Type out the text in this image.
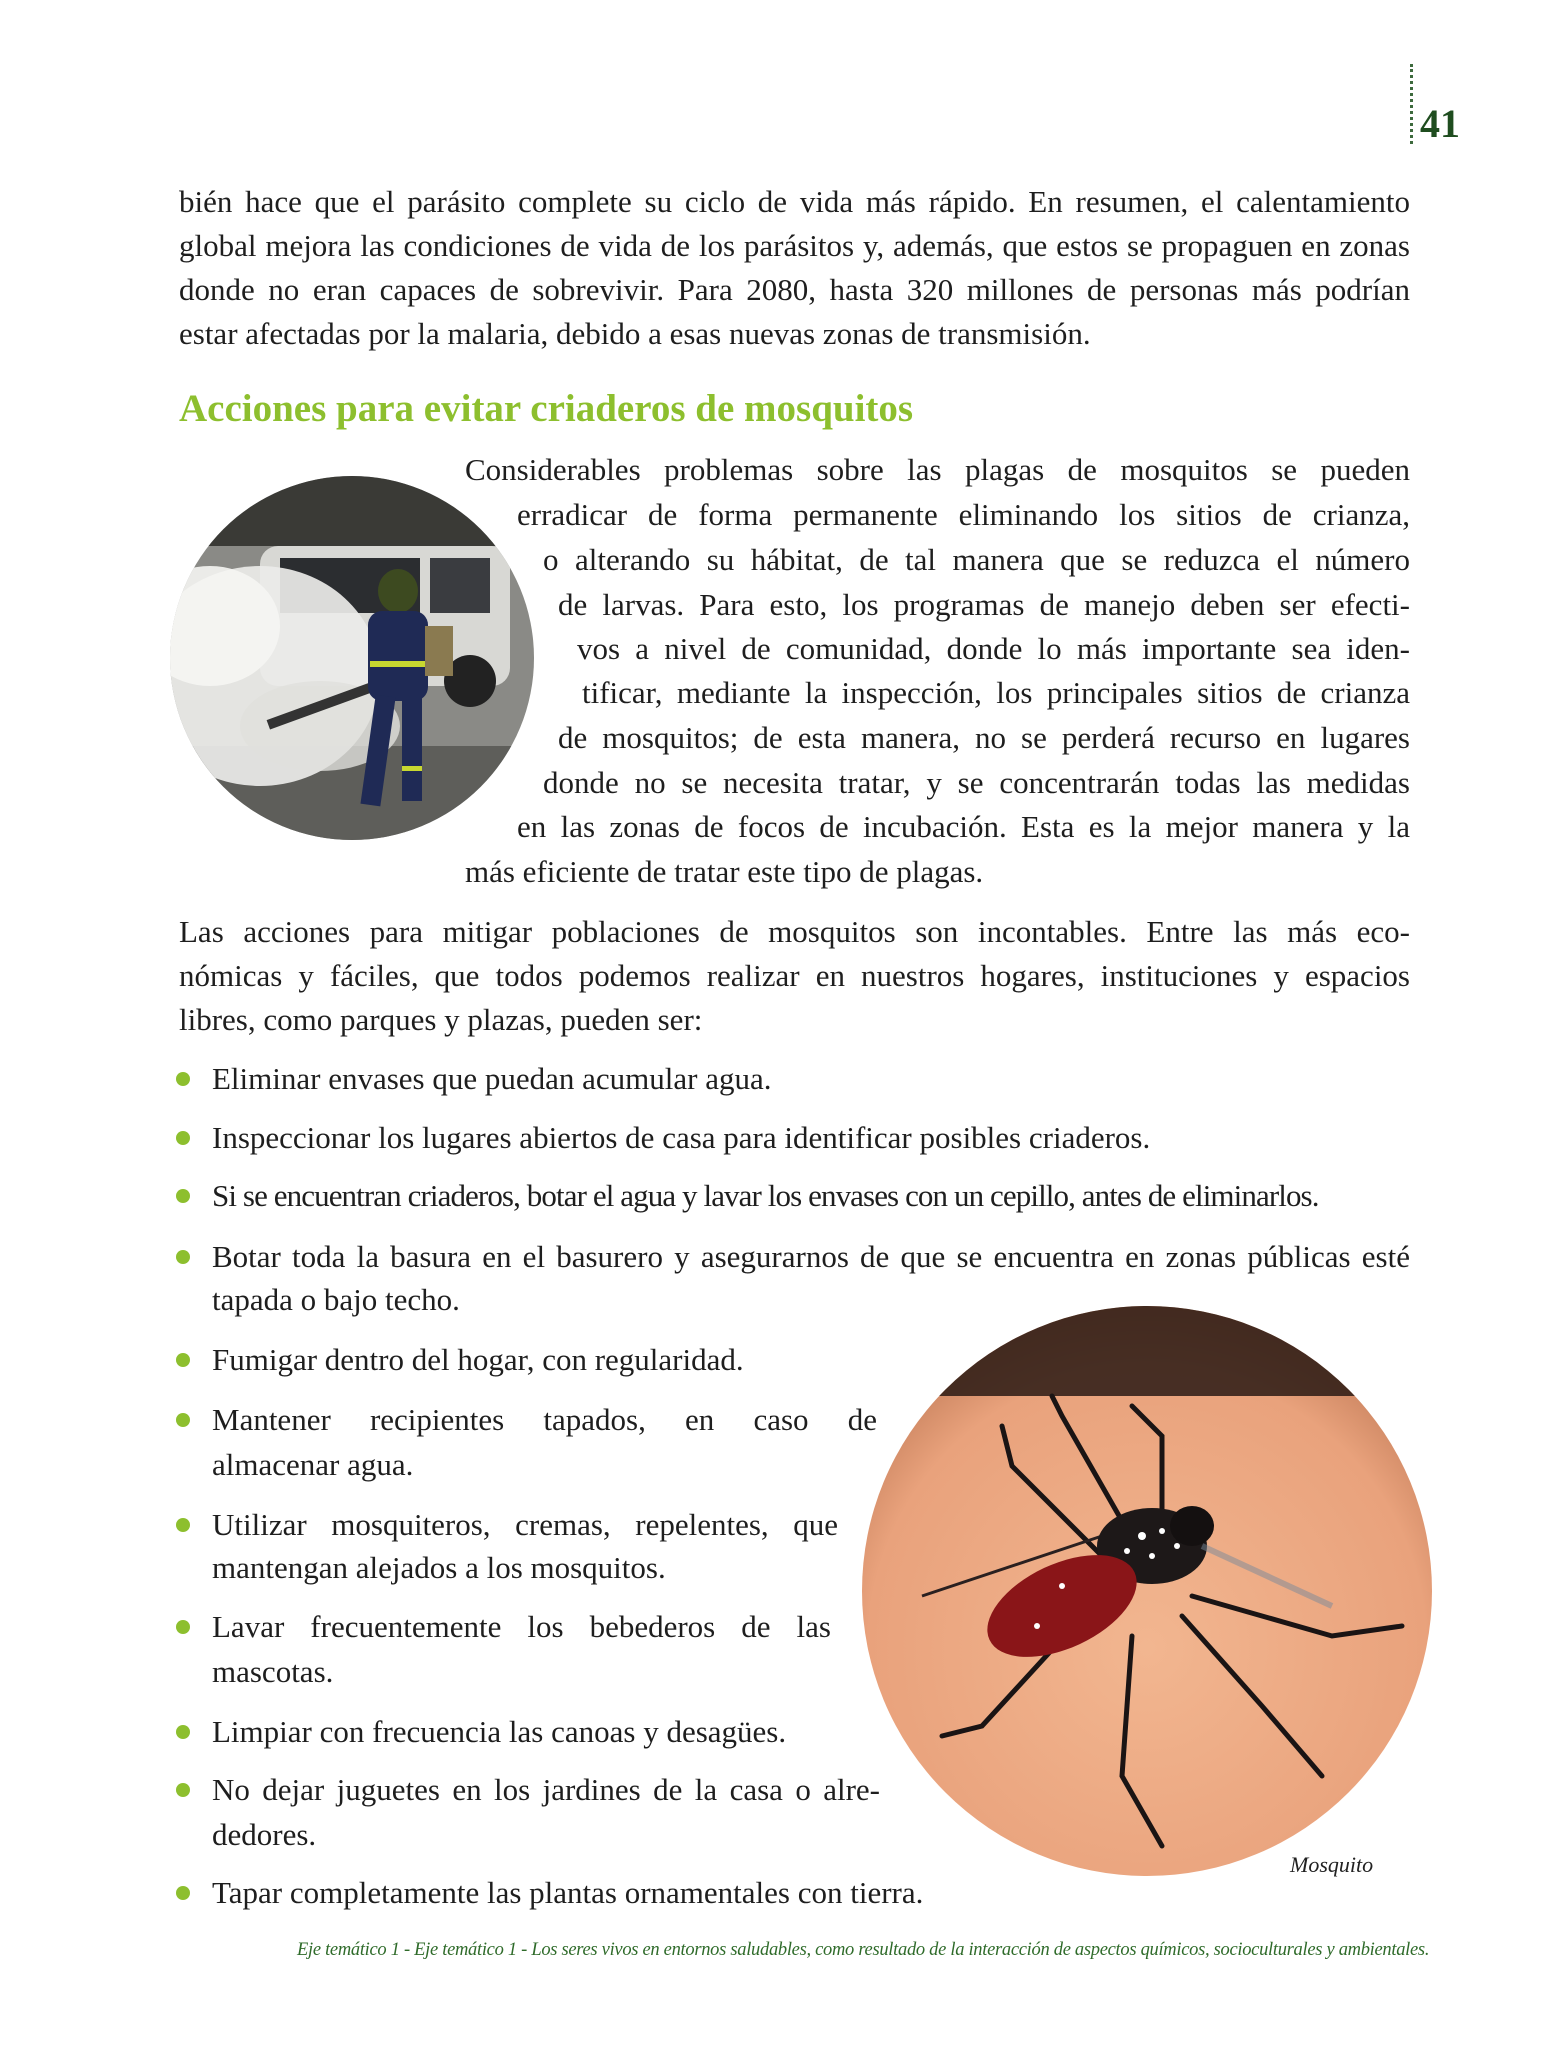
41
bién hace que el parásito complete su ciclo de vida más rápido. En resumen, el calentamiento
global mejora las condiciones de vida de los parásitos y, además, que estos se propaguen en zonas
donde no eran capaces de sobrevivir. Para 2080, hasta 320 millones de personas más podrían
estar afectadas por la malaria, debido a esas nuevas zonas de transmisión.
Acciones para evitar criaderos de mosquitos
Considerables problemas sobre las plagas de mosquitos se pueden
erradicar de forma permanente eliminando los sitios de crianza,
o alterando su hábitat, de tal manera que se reduzca el número
de larvas. Para esto, los programas de manejo deben ser efecti-
vos a nivel de comunidad, donde lo más importante sea iden-
tificar, mediante la inspección, los principales sitios de crianza
de mosquitos; de esta manera, no se perderá recurso en lugares
donde no se necesita tratar, y se concentrarán todas las medidas
en las zonas de focos de incubación. Esta es la mejor manera y la
más eficiente de tratar este tipo de plagas.
Las acciones para mitigar poblaciones de mosquitos son incontables. Entre las más eco-
nómicas y fáciles, que todos podemos realizar en nuestros hogares, instituciones y espacios
libres, como parques y plazas, pueden ser:
Eliminar envases que puedan acumular agua.
Inspeccionar los lugares abiertos de casa para identificar posibles criaderos.
Si se encuentran criaderos, botar el agua y lavar los envases con un cepillo, antes de eliminarlos.
Botar toda la basura en el basurero y asegurarnos de que se encuentra en zonas públicas esté
tapada o bajo techo.
Fumigar dentro del hogar, con regularidad.
Mantener recipientes tapados, en caso de
almacenar agua.
Utilizar mosquiteros, cremas, repelentes, que
mantengan alejados a los mosquitos.
Lavar frecuentemente los bebederos de las
mascotas.
Limpiar con frecuencia las canoas y desagües.
No dejar juguetes en los jardines de la casa o alre-
dedores.
Tapar completamente las plantas ornamentales con tierra.
Mosquito
Eje temático 1 - Eje temático 1 - Los seres vivos en entornos saludables, como resultado de la interacción de aspectos químicos, socioculturales y ambientales.
